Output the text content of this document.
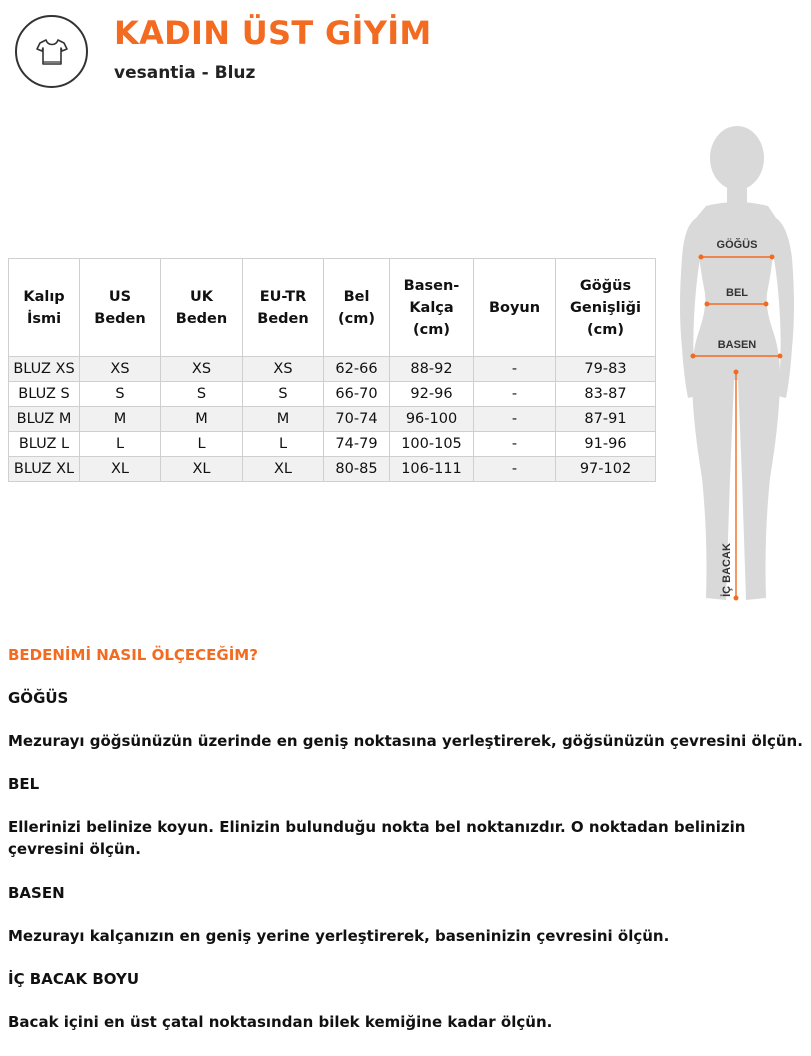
KADIN ÜST GİYİM

vesantia - Bluz

Kalıp İsmi	US Beden	UK Beden	EU-TR Beden	Bel (cm)	Basen-Kalça (cm)	Boyun	Göğüs Genişliği (cm)
BLUZ XS	XS	XS	XS	62-66	88-92	-	79-83
BLUZ S	S	S	S	66-70	92-96	-	83-87
BLUZ M	M	M	M	70-74	96-100	-	87-91
BLUZ L	L	L	L	74-79	100-105	-	91-96
BLUZ XL	XL	XL	XL	80-85	106-111	-	97-102
GÖĞÜS
BEL
BASEN
İÇ BACAK

BEDENİMİ NASIL ÖLÇECEĞİM?

GÖĞÜS

Mezurayı göğsünüzün üzerinde en geniş noktasına yerleştirerek, göğsünüzün çevresini ölçün.

BEL

Ellerinizi belinize koyun. Elinizin bulunduğu nokta bel noktanızdır. O noktadan belinizin çevresini ölçün.

BASEN

Mezurayı kalçanızın en geniş yerine yerleştirerek, baseninizin çevresini ölçün.

İÇ BACAK BOYU

Bacak içini en üst çatal noktasından bilek kemiğine kadar ölçün.
